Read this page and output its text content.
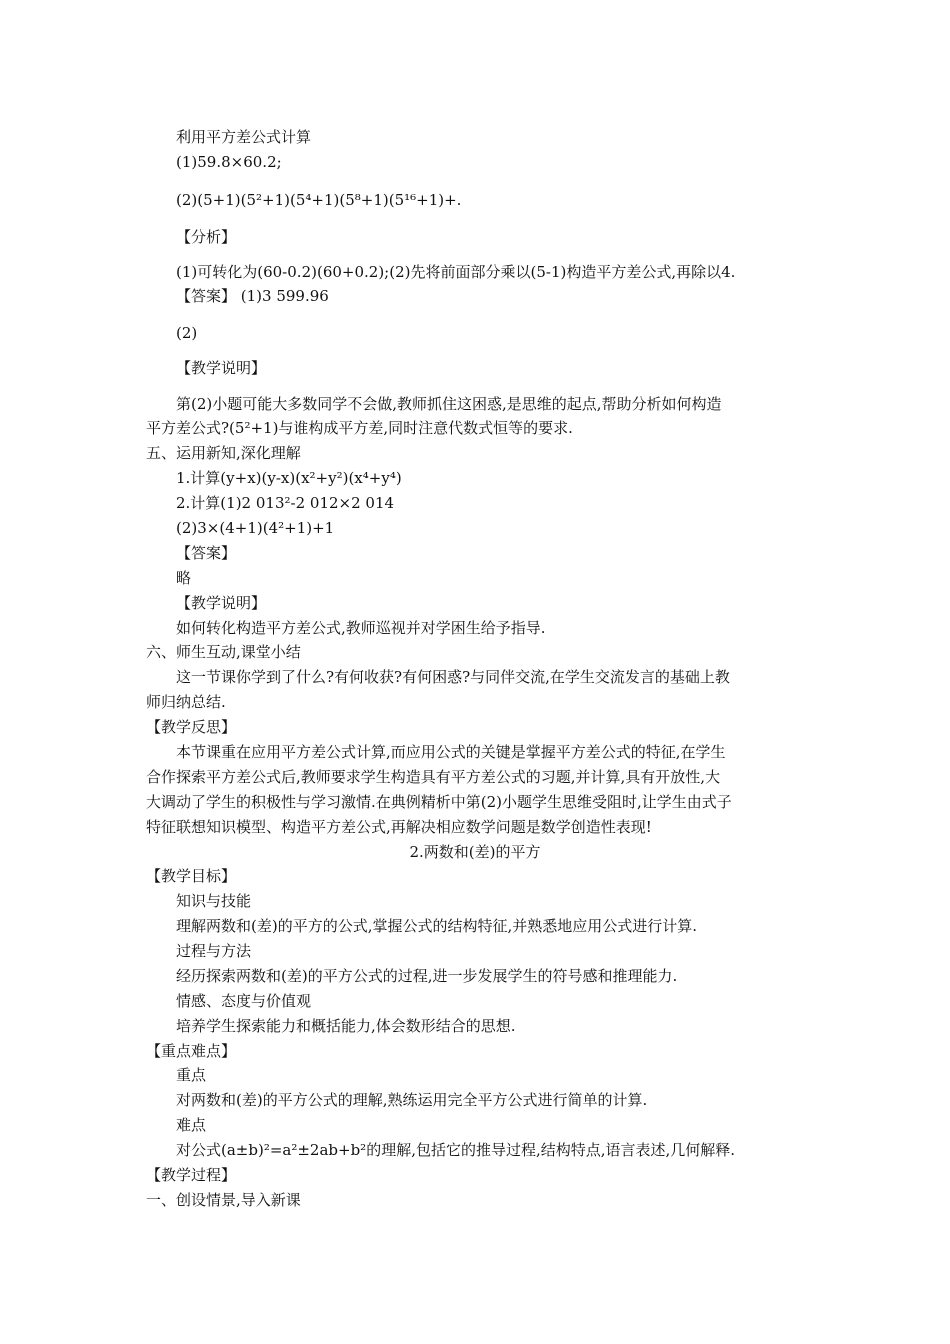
利用平方差公式计算
(1)59.8×60.2;
(2)(5+1)(5²+1)(5⁴+1)(5⁸+1)(5¹⁶+1)+.
【分析】
(1)可转化为(60-0.2)(60+0.2);(2)先将前面部分乘以(5-1)构造平方差公式,再除以4.
【答案】 (1)3 599.96
(2)
【教学说明】
第(2)小题可能大多数同学不会做,教师抓住这困惑,是思维的起点,帮助分析如何构造
平方差公式?(5²+1)与谁构成平方差,同时注意代数式恒等的要求.
五、运用新知,深化理解
1.计算(y+x)(y-x)(x²+y²)(x⁴+y⁴)
2.计算(1)2 013²-2 012×2 014
(2)3×(4+1)(4²+1)+1
【答案】
略
【教学说明】
如何转化构造平方差公式,教师巡视并对学困生给予指导.
六、师生互动,课堂小结
这一节课你学到了什么?有何收获?有何困惑?与同伴交流,在学生交流发言的基础上教
师归纳总结.
【教学反思】
本节课重在应用平方差公式计算,而应用公式的关键是掌握平方差公式的特征,在学生
合作探索平方差公式后,教师要求学生构造具有平方差公式的习题,并计算,具有开放性,大
大调动了学生的积极性与学习激情.在典例精析中第(2)小题学生思维受阻时,让学生由式子
特征联想知识模型、构造平方差公式,再解决相应数学问题是数学创造性表现!
2.两数和(差)的平方
【教学目标】
知识与技能
理解两数和(差)的平方的公式,掌握公式的结构特征,并熟悉地应用公式进行计算.
过程与方法
经历探索两数和(差)的平方公式的过程,进一步发展学生的符号感和推理能力.
情感、态度与价值观
培养学生探索能力和概括能力,体会数形结合的思想.
【重点难点】
重点
对两数和(差)的平方公式的理解,熟练运用完全平方公式进行简单的计算.
难点
对公式(a±b)²=a²±2ab+b²的理解,包括它的推导过程,结构特点,语言表述,几何解释.
【教学过程】
一、创设情景,导入新课
